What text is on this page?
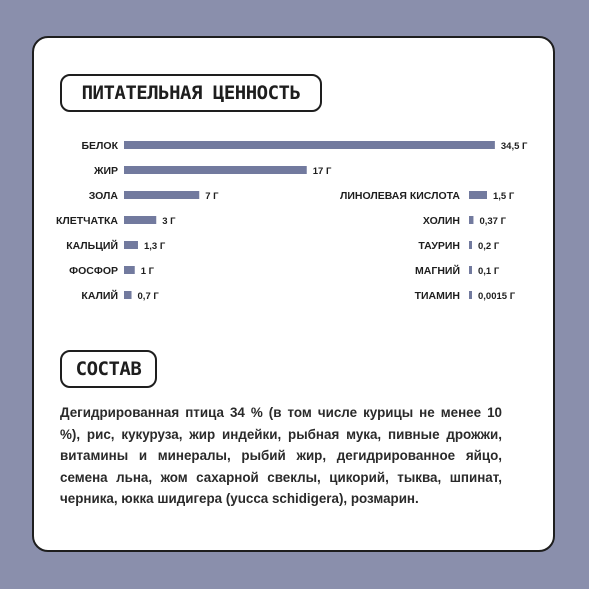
ПИТАТЕЛЬНАЯ ЦЕННОСТЬ
СОСТАВ

Дегидрированная птица 34 % (в том числе курицы не менее 10 %), рис, кукуруза, жир индейки, рыбная мука, пивные дрожжи, витамины и минералы, рыбий жир, дегидрированное яйцо, семена льна, жом сахарной свеклы, цикорий, тыква, шпинат, черника, юкка шидигера (yucca schidigera), розмарин.

БЕЛОК	34,5 Г
ЖИР	17 Г
ЗОЛА	7 Г
КЛЕТЧАТКА	3 Г
КАЛЬЦИЙ	1,3 Г
ФОСФОР 1 Г
КАЛИЙ 0,7 Г
ЛИНОЛЕВАЯ КИСЛОТА	1,5 Г
ХОЛИН 0,37 Г
ТАУРИН 0,2 Г
МАГНИЙ 0,1 Г
ТИАМИН 0,0015 Г
